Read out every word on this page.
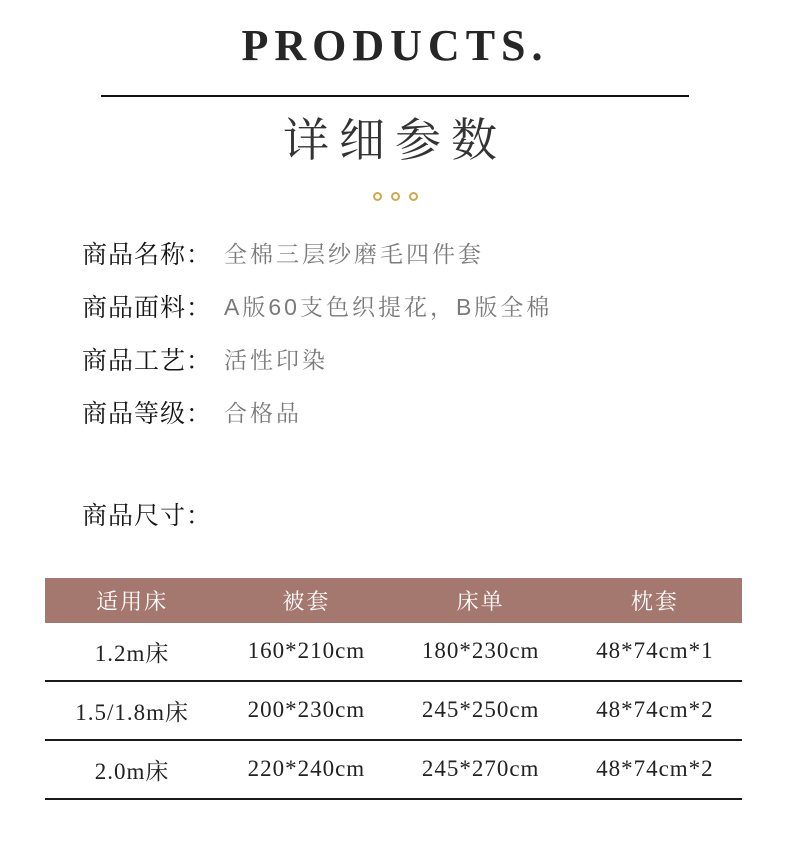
PRODUCTS.
详细参数
商品名称： 全棉三层纱磨毛四件套
商品面料： A版60支色织提花，B版全棉
商品工艺： 活性印染
商品等级： 合格品
商品尺寸：
适用床	被套	床单	枕套
1.2m床	160*210cm	180*230cm	48*74cm*1
1.5/1.8m床	200*230cm	245*250cm	48*74cm*2
2.0m床	220*240cm	245*270cm	48*74cm*2
